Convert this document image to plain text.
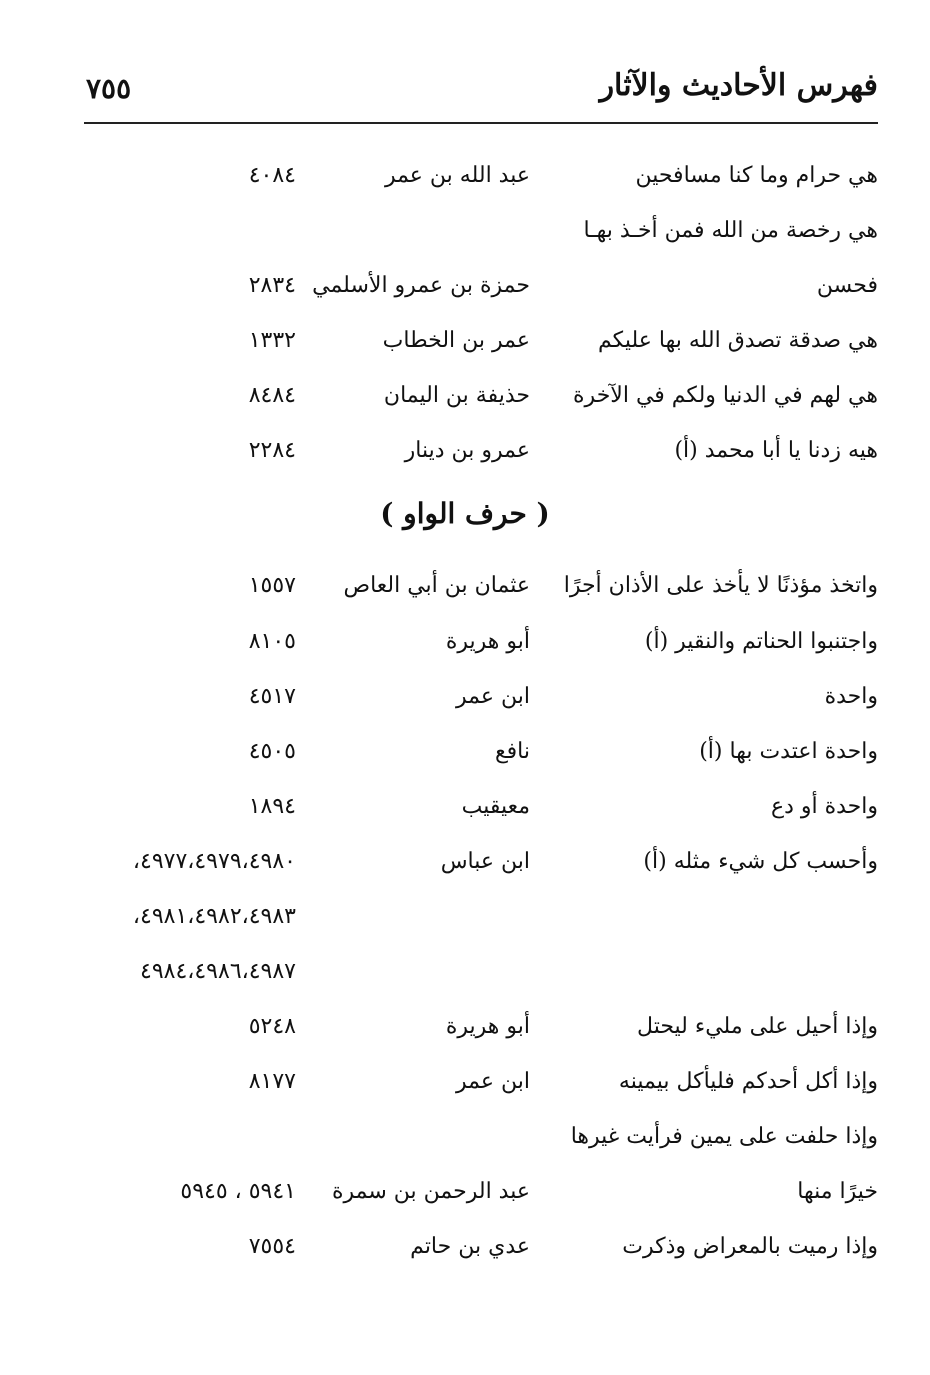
فهرس الأحاديث والآثار
٧٥٥
هي حرام وما كنا مسافحين
عبد الله بن عمر
٤٠٨٤
هي رخصة من الله فمن أخـذ بهـا
فحسن
حمزة بن عمرو الأسلمي
٢٨٣٤
هي صدقة تصدق الله بها عليكم
عمر بن الخطاب
١٣٣٢
هي لهم في الدنيا ولكم في الآخرة
حذيفة بن اليمان
٨٤٨٤
هيه زدنا يا أبا محمد (أ)
عمرو بن دينار
٢٢٨٤
( حرف الواو )
واتخذ مؤذنًا لا يأخذ على الأذان أجرًا
عثمان بن أبي العاص
١٥٥٧
واجتنبوا الحناتم والنقير (أ)
أبو هريرة
٨١٠٥
واحدة
ابن عمر
٤٥١٧
واحدة اعتدت بها (أ)
نافع
٤٥٠٥
واحدة أو دع
معيقيب
١٨٩٤
وأحسب كل شيء مثله (أ)
ابن عباس
٤٩٧٧،٤٩٧٩،٤٩٨٠،
٤٩٨١،٤٩٨٢،٤٩٨٣،
٤٩٨٤،٤٩٨٦،٤٩٨٧
وإذا أحيل على مليء ليحتل
أبو هريرة
٥٢٤٨
وإذا أكل أحدكم فليأكل بيمينه
ابن عمر
٨١٧٧
وإذا حلفت على يمين فرأيت غيرها
خيرًا منها
عبد الرحمن بن سمرة
٥٩٤١ ، ٥٩٤٥
وإذا رميت بالمعراض وذكرت
عدي بن حاتم
٧٥٥٤
